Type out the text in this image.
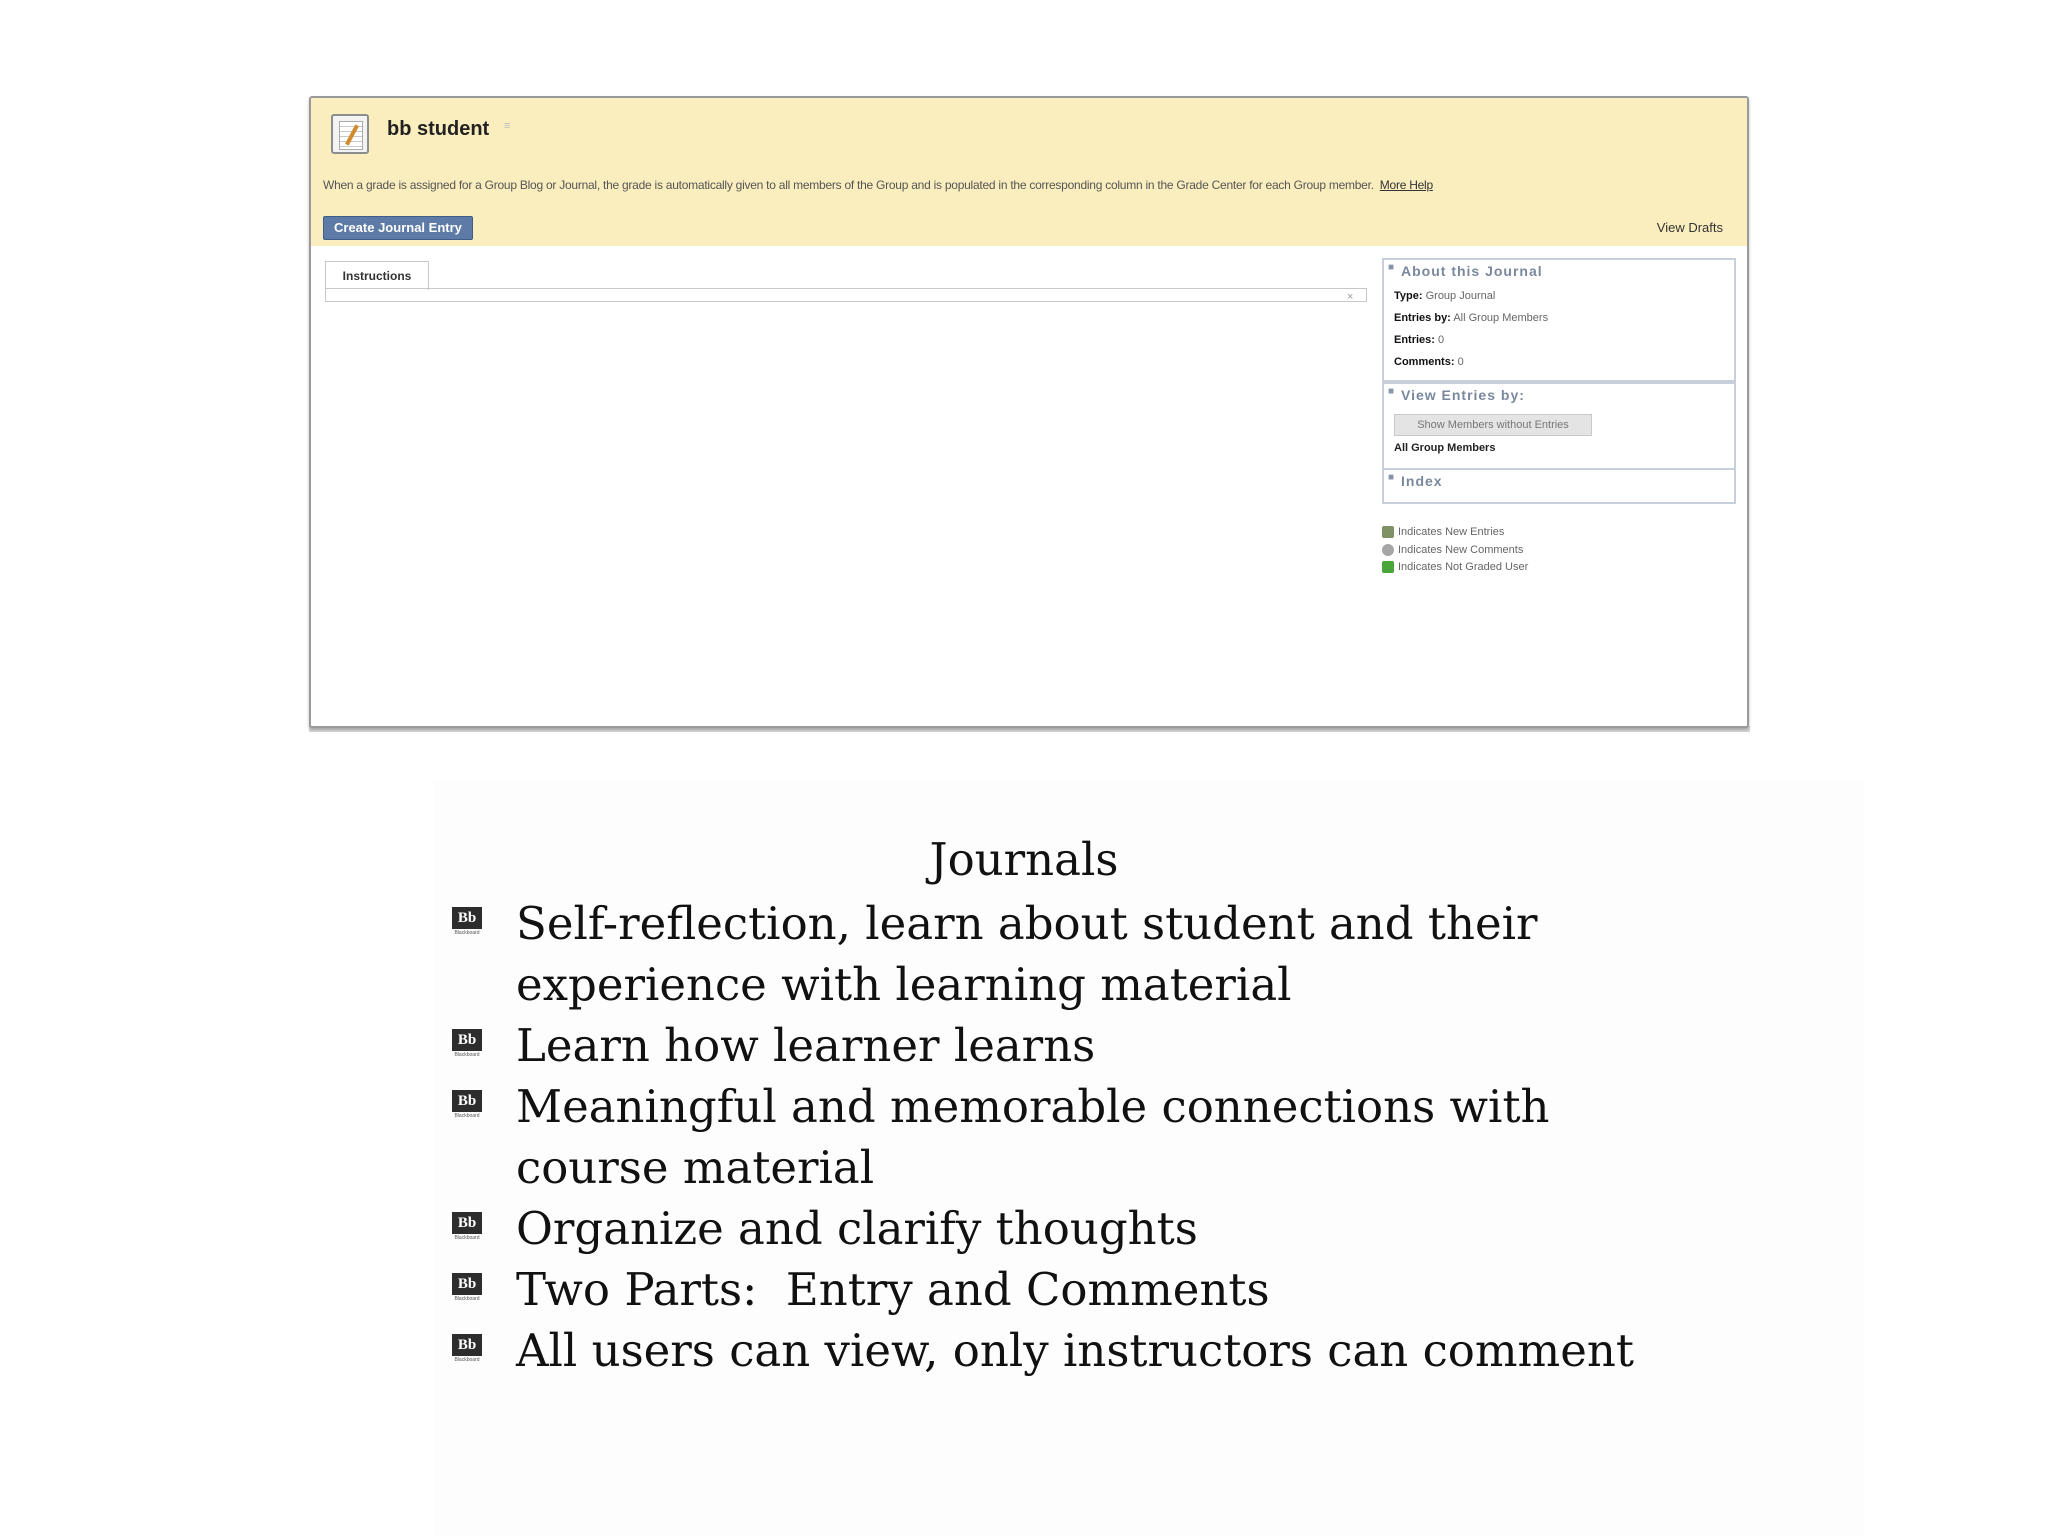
bb student ≡
When a grade is assigned for a Group Blog or Journal, the grade is automatically given to all members of the Group and is populated in the corresponding column in the Grade Center for each Group member. More Help
Create Journal Entry	View Drafts
Instructions
×
■ About this Journal
Type: Group Journal
Entries by: All Group Members
Entries: 0
Comments: 0
■ View Entries by:
Show Members without Entries
All Group Members
■ Index
Indicates New Entries
Indicates New Comments
Indicates Not Graded User
Journals
Bb
Blackboard Self-reflection, learn about student and their experience with learning material
Bb
Blackboard Learn how learner learns
Bb
Blackboard Meaningful and memorable connections with course material
Bb
Blackboard Organize and clarify thoughts
Bb
Blackboard Two Parts:  Entry and Comments
Bb
Blackboard All users can view, only instructors can comment
